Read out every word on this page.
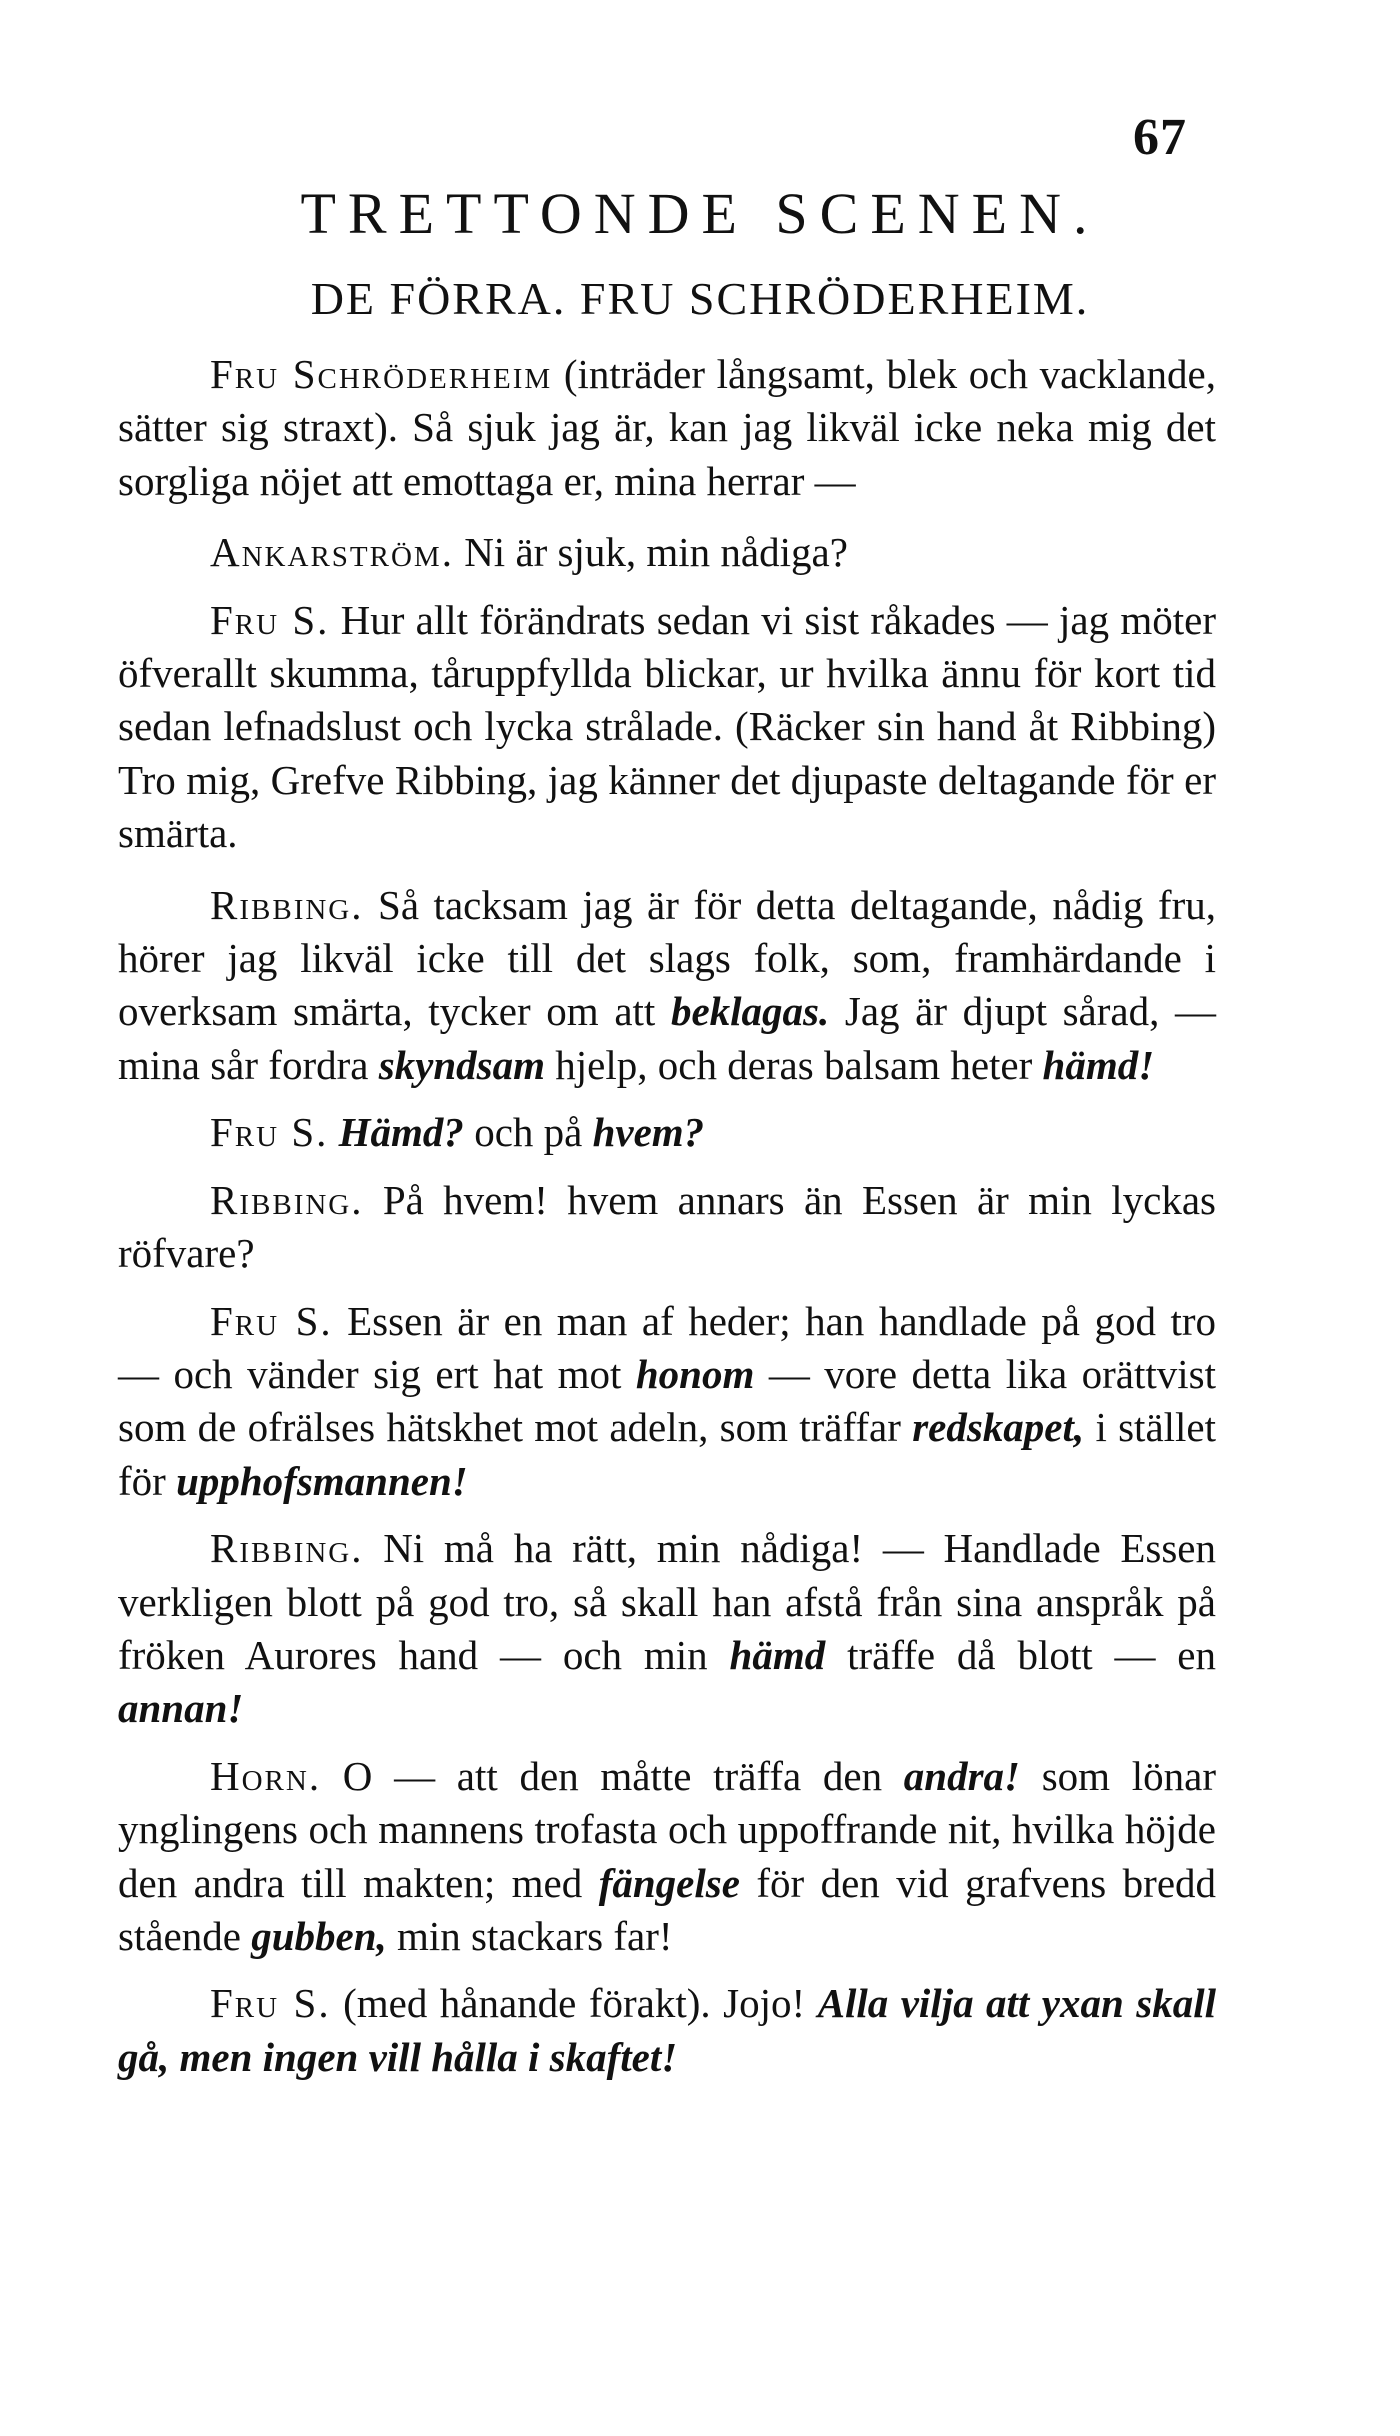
67
TRETTONDE SCENEN.
DE FÖRRA. FRU SCHRÖDERHEIM.

Fru Schröderheim (inträder långsamt, blek och vacklande, sätter sig straxt). Så sjuk jag är, kan jag likväl icke neka mig det sorgliga nöjet att emottaga er, mina herrar —

Ankarström. Ni är sjuk, min nådiga?

Fru S. Hur allt förändrats sedan vi sist råkades — jag möter öfverallt skumma, tåruppfyllda blickar, ur hvilka ännu för kort tid sedan lefnadslust och lycka strålade. (Räcker sin hand åt Ribbing) Tro mig, Grefve Ribbing, jag känner det djupaste deltagande för er smärta.

Ribbing. Så tacksam jag är för detta deltagande, nådig fru, hörer jag likväl icke till det slags folk, som, framhärdande i overksam smärta, tycker om att beklagas. Jag är djupt sårad, — mina sår fordra skyndsam hjelp, och deras balsam heter hämd!

Fru S. Hämd? och på hvem?

Ribbing. På hvem! hvem annars än Essen är min lyckas röfvare?

Fru S. Essen är en man af heder; han handlade på god tro — och vänder sig ert hat mot honom — vore detta lika orättvist som de ofrälses hätskhet mot adeln, som träffar redskapet, i stället för upphofsmannen!

Ribbing. Ni må ha rätt, min nådiga! — Handlade Essen verkligen blott på god tro, så skall han afstå från sina anspråk på fröken Aurores hand — och min hämd träffe då blott — en annan!

Horn. O — att den måtte träffa den andra! som lönar ynglingens och mannens trofasta och uppoffrande nit, hvilka höjde den andra till makten; med fängelse för den vid grafvens bredd stående gubben, min stackars far!

Fru S. (med hånande förakt). Jojo! Alla vilja att yxan skall gå, men ingen vill hålla i skaftet!
